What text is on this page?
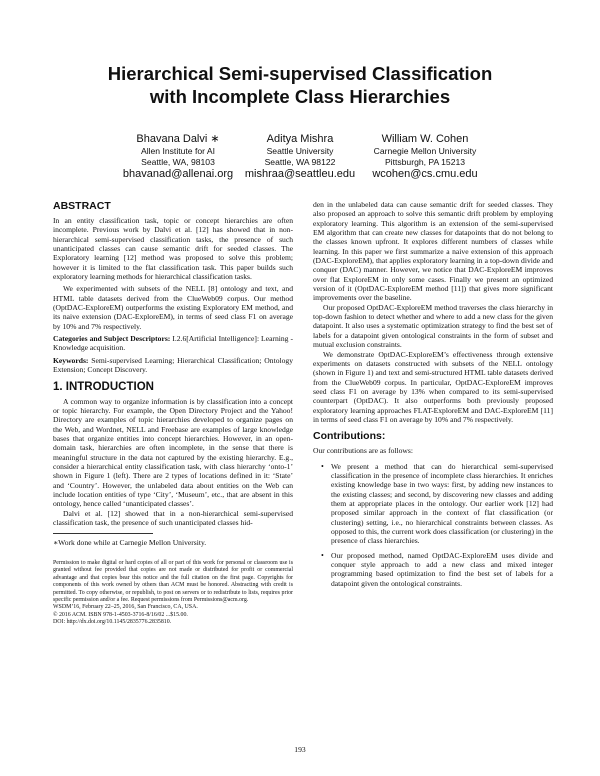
Hierarchical Semi-supervised Classification
with Incomplete Class Hierarchies
Bhavana Dalvi ∗
Allen Institute for AI
Seattle, WA, 98103
bhavanad@allenai.org
Aditya Mishra
Seattle University
Seattle, WA 98122
mishraa@seattleu.edu
William W. Cohen
Carnegie Mellon University
Pittsburgh, PA 15213
wcohen@cs.cmu.edu
ABSTRACT

In an entity classification task, topic or concept hierarchies are often incomplete. Previous work by Dalvi et al. [12] has showed that in non-hierarchical semi-supervised classification tasks, the presence of such unanticipated classes can cause semantic drift for seeded classes. The Exploratory learning [12] method was proposed to solve this problem; however it is limited to the flat classification task. This paper builds such exploratory learning methods for hierarchical classification tasks.

We experimented with subsets of the NELL [8] ontology and text, and HTML table datasets derived from the ClueWeb09 corpus. Our method (OptDAC-ExploreEM) outperforms the existing Exploratory EM method, and its naive extension (DAC-ExploreEM), in terms of seed class F1 on average by 10% and 7% respectively.

Categories and Subject Descriptors: I.2.6[Artificial Intelligence]: Learning - Knowledge acquisition.

Keywords: Semi-supervised Learning; Hierarchical Classification; Ontology Extension; Concept Discovery.

1. INTRODUCTION

A common way to organize information is by classification into a concept or topic hierarchy. For example, the Open Directory Project and the Yahoo! Directory are examples of topic hierarchies developed to organize pages on the Web, and Wordnet, NELL and Freebase are examples of large knowledge bases that organize entities into concept hierarchies. However, in an open-domain task, hierarchies are often incomplete, in the sense that there is meaningful structure in the data not captured by the existing hierarchy. E.g., consider a hierarchical entity classification task, with class hierarchy ‘onto-1’ shown in Figure 1 (left). There are 2 types of locations defined in it: ‘State’ and ‘Country’. However, the unlabeled data about entities on the Web can include location entities of type ‘City’, ‘Museum’, etc., that are absent in this ontology, hence called ‘unanticipated classes’.

Dalvi et al. [12] showed that in a non-hierarchical semi-supervised classification task, the presence of such unanticipated classes hid-

∗Work done while at Carnegie Mellon University.

Permission to make digital or hard copies of all or part of this work for personal or classroom use is granted without fee provided that copies are not made or distributed for profit or commercial advantage and that copies bear this notice and the full citation on the first page. Copyrights for components of this work owned by others than ACM must be honored. Abstracting with credit is permitted. To copy otherwise, or republish, to post on servers or to redistribute to lists, requires prior specific permission and/or a fee. Request permissions from Permissions@acm.org.

WSDM’16, February 22–25, 2016, San Francisco, CA, USA.

© 2016 ACM. ISBN 978-1-4503-3716-8/16/02 ...$15.00.

DOI: http://dx.doi.org/10.1145/2835776.2835810.

den in the unlabeled data can cause semantic drift for seeded classes. They also proposed an approach to solve this semantic drift problem by employing exploratory learning. This algorithm is an extension of the semi-supervised EM algorithm that can create new classes for datapoints that do not belong to the classes known upfront. It explores different numbers of classes while learning. In this paper we first summarize a naive extension of this approach (DAC-ExploreEM), that applies exploratory learning in a top-down divide and conquer (DAC) manner. However, we notice that DAC-ExploreEM improves over flat ExploreEM in only some cases. Finally we present an optimized version of it (OptDAC-ExploreEM method [11]) that gives more significant improvements over the baseline.

Our proposed OptDAC-ExploreEM method traverses the class hierarchy in top-down fashion to detect whether and where to add a new class for the given datapoint. It also uses a systematic optimization strategy to find the best set of labels for a datapoint given ontological constraints in the form of subset and mutual exclusion constraints.

We demonstrate OptDAC-ExploreEM’s effectiveness through extensive experiments on datasets constructed with subsets of the NELL ontology (shown in Figure 1) and text and semi-structured HTML table datasets derived from the ClueWeb09 corpus. In particular, OptDAC-ExploreEM improves seed class F1 on average by 13% when compared to its semi-supervised counterpart (OptDAC). It also outperforms both previously proposed exploratory learning approaches FLAT-ExploreEM and DAC-ExploreEM [11] in terms of seed class F1 on average by 10% and 7% respectively.

Contributions:

Our contributions are as follows:

• We present a method that can do hierarchical semi-supervised classification in the presence of incomplete class hierarchies. It enriches existing knowledge base in two ways: first, by adding new instances to the existing classes; and second, by discovering new classes and adding them at appropriate places in the ontology. Our earlier work [12] had proposed similar approach in the context of flat classification (or clustering) setting, i.e., no hierarchical constraints between classes. As opposed to this, the current work does classification (or clustering) in the presence of class hierarchies.
• Our proposed method, named OptDAC-ExploreEM uses divide and conquer style approach to add a new class and mixed integer programming based optimization to find the best set of labels for a datapoint given the ontological constraints.
193
